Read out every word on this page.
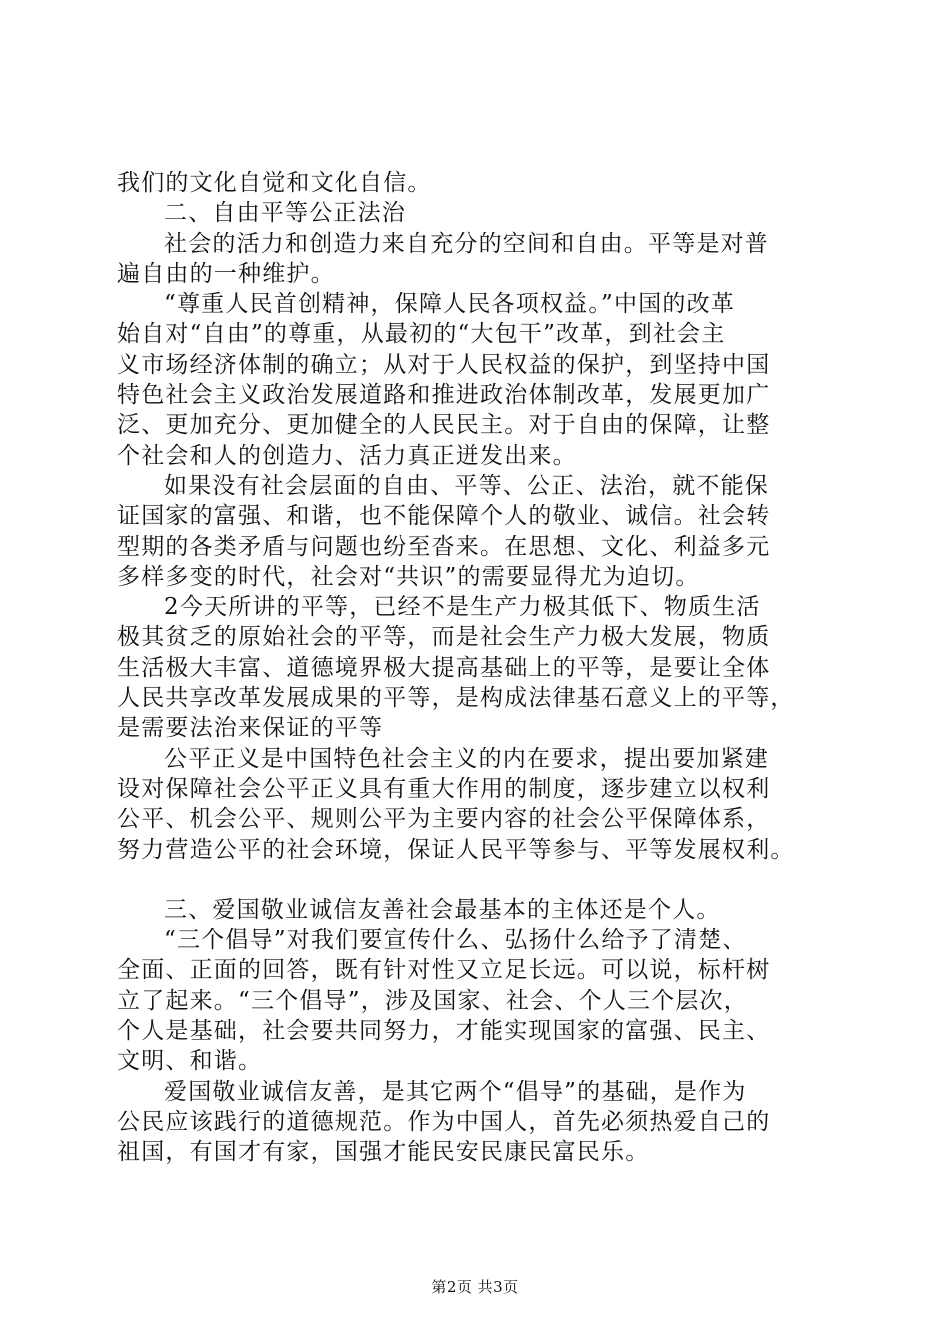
我们的文化自觉和文化自信。
二、自由平等公正法治
社会的活力和创造力来自充分的空间和自由。平等是对普
遍自由的一种维护。
“尊重人民首创精神，保障人民各项权益。”中国的改革
始自对“自由”的尊重，从最初的“大包干”改革，到社会主
义市场经济体制的确立；从对于人民权益的保护，到坚持中国
特色社会主义政治发展道路和推进政治体制改革，发展更加广
泛、更加充分、更加健全的人民民主。对于自由的保障，让整
个社会和人的创造力、活力真正迸发出来。
如果没有社会层面的自由、平等、公正、法治，就不能保
证国家的富强、和谐，也不能保障个人的敬业、诚信。社会转
型期的各类矛盾与问题也纷至沓来。在思想、文化、利益多元
多样多变的时代，社会对“共识”的需要显得尤为迫切。
2今天所讲的平等，已经不是生产力极其低下、物质生活
极其贫乏的原始社会的平等，而是社会生产力极大发展，物质
生活极大丰富、道德境界极大提高基础上的平等，是要让全体
人民共享改革发展成果的平等，是构成法律基石意义上的平等，
是需要法治来保证的平等
公平正义是中国特色社会主义的内在要求，提出要加紧建
设对保障社会公平正义具有重大作用的制度，逐步建立以权利
公平、机会公平、规则公平为主要内容的社会公平保障体系，
努力营造公平的社会环境，保证人民平等参与、平等发展权利。
三、爱国敬业诚信友善社会最基本的主体还是个人。
“三个倡导”对我们要宣传什么、弘扬什么给予了清楚、
全面、正面的回答，既有针对性又立足长远。可以说，标杆树
立了起来。“三个倡导”，涉及国家、社会、个人三个层次，
个人是基础，社会要共同努力，才能实现国家的富强、民主、
文明、和谐。
爱国敬业诚信友善，是其它两个“倡导”的基础，是作为
公民应该践行的道德规范。作为中国人，首先必须热爱自己的
祖国，有国才有家，国强才能民安民康民富民乐。
第2页 共3页
